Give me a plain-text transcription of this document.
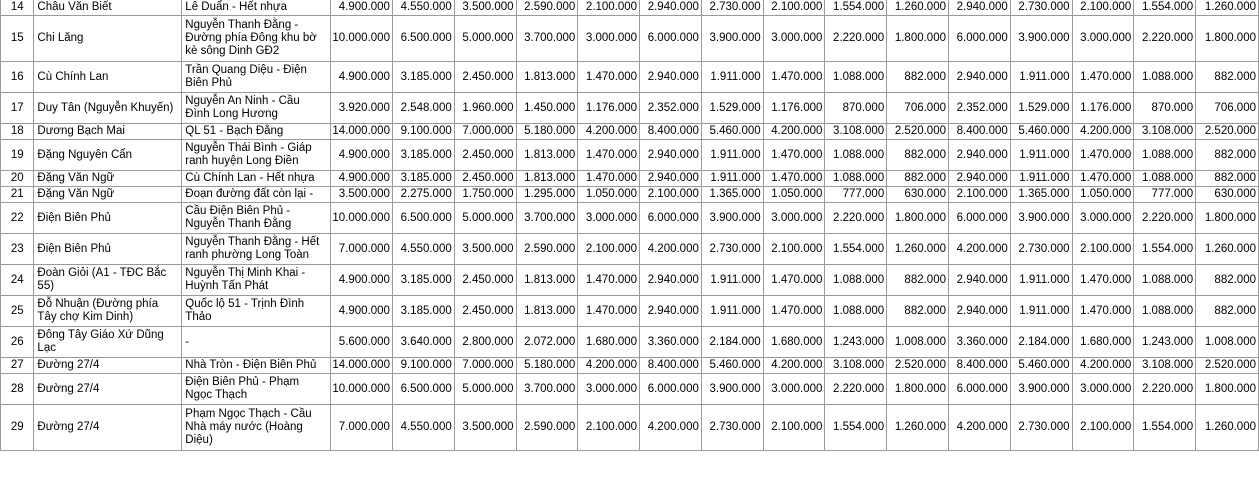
14	Châu Văn Biết	Lê Duẩn - Hết nhựa	4.900.000	4.550.000	3.500.000	2.590.000	2.100.000	2.940.000	2.730.000	2.100.000	1.554.000	1.260.000	2.940.000	2.730.000	2.100.000	1.554.000	1.260.000
15	Chi Lăng	Nguyễn Thanh Đằng - Đường phía Đông khu bờ kè sông Dinh GĐ2	10.000.000	6.500.000	5.000.000	3.700.000	3.000.000	6.000.000	3.900.000	3.000.000	2.220.000	1.800.000	6.000.000	3.900.000	3.000.000	2.220.000	1.800.000
16	Cù Chính Lan	Trần Quang Diệu - Điện Biên Phủ	4.900.000	3.185.000	2.450.000	1.813.000	1.470.000	2.940.000	1.911.000	1.470.000	1.088.000	882.000	2.940.000	1.911.000	1.470.000	1.088.000	882.000
17	Duy Tân (Nguyễn Khuyến)	Nguyễn An Ninh - Cầu Đình Long Hương	3.920.000	2.548.000	1.960.000	1.450.000	1.176.000	2.352.000	1.529.000	1.176.000	870.000	706.000	2.352.000	1.529.000	1.176.000	870.000	706.000
18	Dương Bạch Mai	QL 51 - Bạch Đằng	14.000.000	9.100.000	7.000.000	5.180.000	4.200.000	8.400.000	5.460.000	4.200.000	3.108.000	2.520.000	8.400.000	5.460.000	4.200.000	3.108.000	2.520.000
19	Đặng Nguyên Cẩn	Nguyễn Thái Bình - Giáp ranh huyện Long Điền	4.900.000	3.185.000	2.450.000	1.813.000	1.470.000	2.940.000	1.911.000	1.470.000	1.088.000	882.000	2.940.000	1.911.000	1.470.000	1.088.000	882.000
20	Đặng Văn Ngữ	Cù Chính Lan - Hết nhựa	4.900.000	3.185.000	2.450.000	1.813.000	1.470.000	2.940.000	1.911.000	1.470.000	1.088.000	882.000	2.940.000	1.911.000	1.470.000	1.088.000	882.000
21	Đặng Văn Ngữ	Đoạn đường đất còn lại -	3.500.000	2.275.000	1.750.000	1.295.000	1.050.000	2.100.000	1.365.000	1.050.000	777.000	630.000	2.100.000	1.365.000	1.050.000	777.000	630.000
22	Điện Biên Phủ	Cầu Điện Biên Phủ - Nguyễn Thanh Đằng	10.000.000	6.500.000	5.000.000	3.700.000	3.000.000	6.000.000	3.900.000	3.000.000	2.220.000	1.800.000	6.000.000	3.900.000	3.000.000	2.220.000	1.800.000
23	Điện Biên Phủ	Nguyễn Thanh Đằng - Hết ranh phường Long Toàn	7.000.000	4.550.000	3.500.000	2.590.000	2.100.000	4.200.000	2.730.000	2.100.000	1.554.000	1.260.000	4.200.000	2.730.000	2.100.000	1.554.000	1.260.000
24	Đoàn Giỏi (A1 - TĐC Bắc 55)	Nguyễn Thị Minh Khai - Huỳnh Tấn Phát	4.900.000	3.185.000	2.450.000	1.813.000	1.470.000	2.940.000	1.911.000	1.470.000	1.088.000	882.000	2.940.000	1.911.000	1.470.000	1.088.000	882.000
25	Đỗ Nhuận (Đường phía Tây chợ Kim Dinh)	Quốc lộ 51 - Trịnh Đình Thảo	4.900.000	3.185.000	2.450.000	1.813.000	1.470.000	2.940.000	1.911.000	1.470.000	1.088.000	882.000	2.940.000	1.911.000	1.470.000	1.088.000	882.000
26	Đông Tây Giáo Xứ Dũng Lạc	-	5.600.000	3.640.000	2.800.000	2.072.000	1.680.000	3.360.000	2.184.000	1.680.000	1.243.000	1.008.000	3.360.000	2.184.000	1.680.000	1.243.000	1.008.000
27	Đường 27/4	Nhà Tròn - Điện Biên Phủ	14.000.000	9.100.000	7.000.000	5.180.000	4.200.000	8.400.000	5.460.000	4.200.000	3.108.000	2.520.000	8.400.000	5.460.000	4.200.000	3.108.000	2.520.000
28	Đường 27/4	Điện Biên Phủ - Phạm Ngọc Thạch	10.000.000	6.500.000	5.000.000	3.700.000	3.000.000	6.000.000	3.900.000	3.000.000	2.220.000	1.800.000	6.000.000	3.900.000	3.000.000	2.220.000	1.800.000
29	Đường 27/4	Phạm Ngọc Thạch - Cầu Nhà máy nước (Hoàng Diệu)	7.000.000	4.550.000	3.500.000	2.590.000	2.100.000	4.200.000	2.730.000	2.100.000	1.554.000	1.260.000	4.200.000	2.730.000	2.100.000	1.554.000	1.260.000
